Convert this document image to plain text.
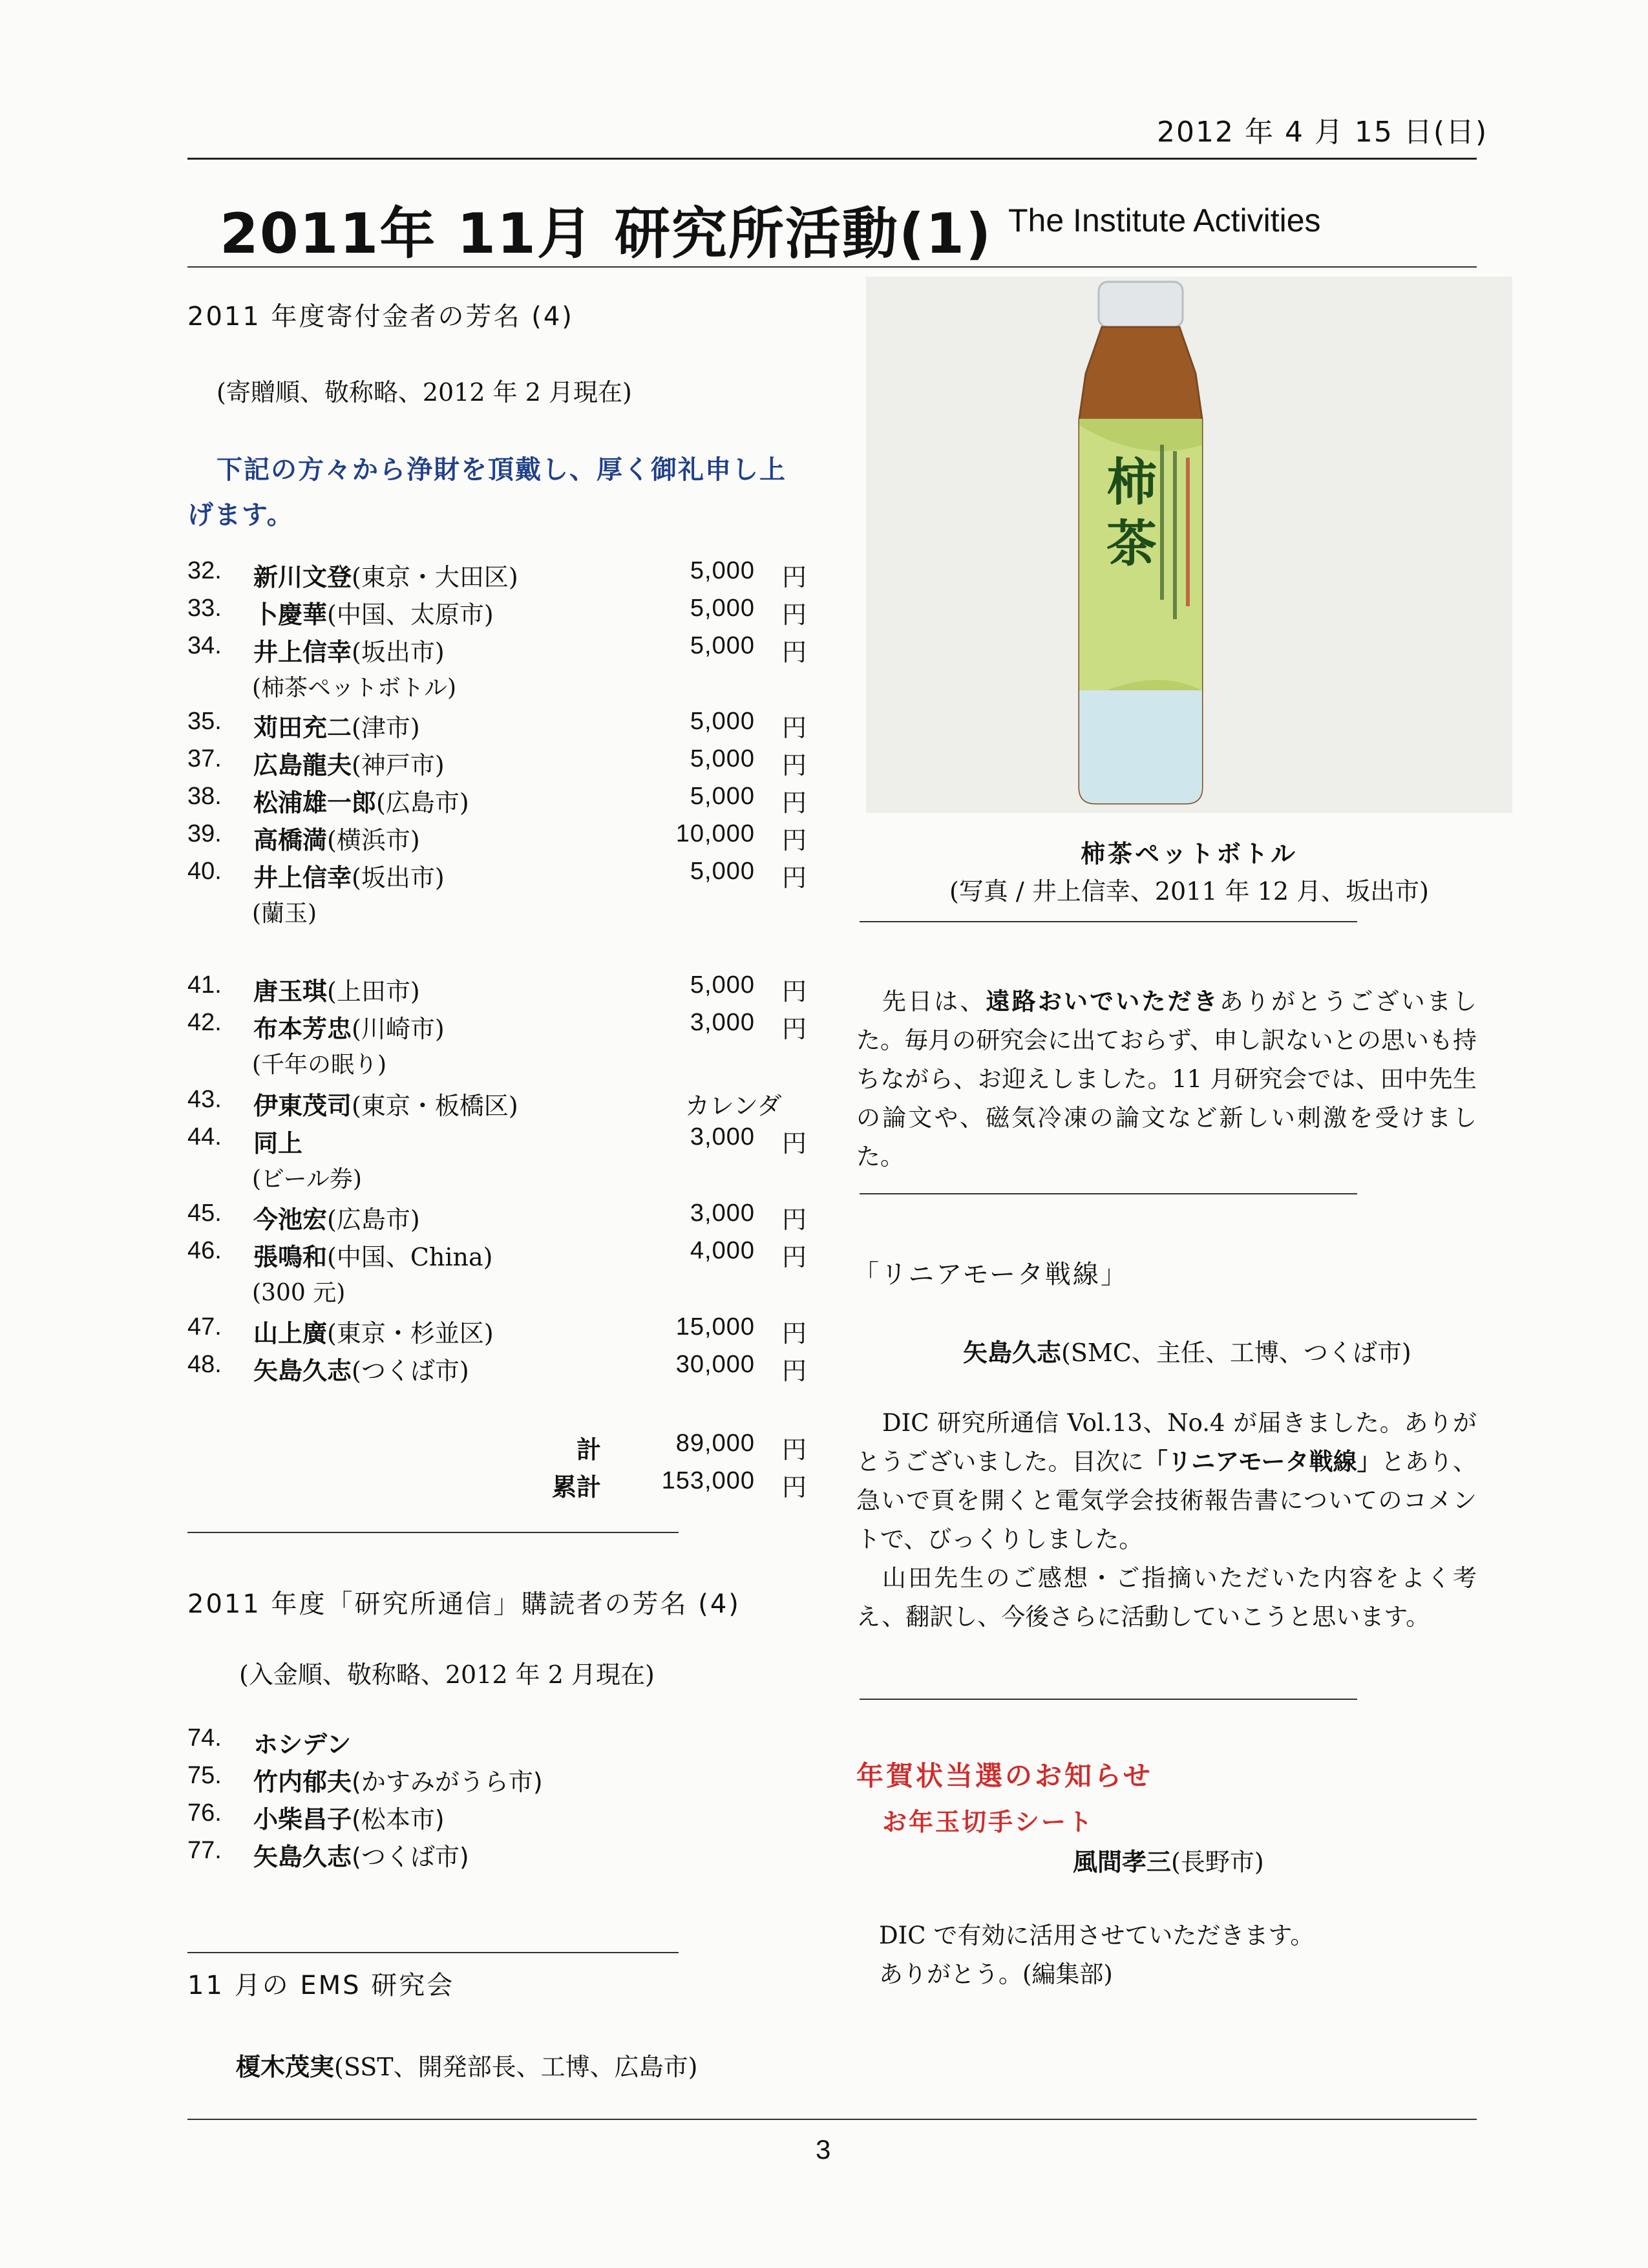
2012 年 4 月 15 日(日)
2011年 11月 研究所活動(1) The Institute Activities
2011 年度寄付金者の芳名 (4)
(寄贈順、敬称略、2012 年 2 月現在)
下記の方々から浄財を頂戴し、厚く御礼申し上げます。
32. 新川文登(東京・大田区)	5,000 円
33. 卜慶華(中国、太原市)	5,000 円
34. 井上信幸(坂出市)	5,000 円
(柿茶ペットボトル)
35. 苅田充二(津市)	5,000 円
37. 広島龍夫(神戸市)	5,000 円
38. 松浦雄一郎(広島市)	5,000 円
39. 高橋満(横浜市)	10,000 円
40. 井上信幸(坂出市)	5,000 円
(蘭玉)
41. 唐玉琪(上田市)	5,000 円
42. 布本芳忠(川崎市)	3,000 円
(千年の眠り)
43. 伊東茂司(東京・板橋区)	カレンダ
44. 同上	3,000 円
(ビール券)
45. 今池宏(広島市)	3,000 円
46. 張鳴和(中国、China)	4,000 円
(300 元)
47. 山上廣(東京・杉並区)	15,000 円
48. 矢島久志(つくば市)	30,000 円
計	89,000 円
累計 153,000 円
2011 年度「研究所通信」購読者の芳名 (4)
(入金順、敬称略、2012 年 2 月現在)
74. ホシデン
75. 竹内郁夫(かすみがうら市)
76. 小柴昌子(松本市)
77. 矢島久志(つくば市)
11 月の EMS 研究会
榎木茂実(SST、開発部長、工博、広島市)
柿
茶
柿茶ペットボトル
(写真 / 井上信幸、2011 年 12 月、坂出市)
先日は、遠路おいでいただきありがとうございました。毎月の研究会に出ておらず、申し訳ないとの思いも持ちながら、お迎えしました。11 月研究会では、田中先生の論文や、磁気冷凍の論文など新しい刺激を受けました。
「リニアモータ戦線」
矢島久志(SMC、主任、工博、つくば市)
DIC 研究所通信 Vol.13、No.4 が届きました。ありがとうございました。目次に「リニアモータ戦線」とあり、急いで頁を開くと電気学会技術報告書についてのコメントで、びっくりしました。
山田先生のご感想・ご指摘いただいた内容をよく考え、翻訳し、今後さらに活動していこうと思います。
年賀状当選のお知らせ
お年玉切手シート
風間孝三(長野市)
DIC で有効に活用させていただきます。
ありがとう。(編集部)
3
